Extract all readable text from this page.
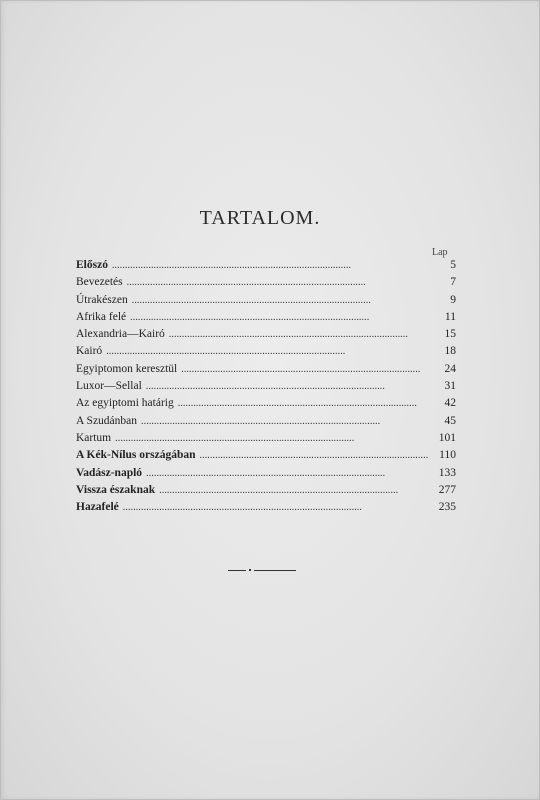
TARTALOM.
Lap
Előszó . . .	5
Bevezetés . . .	7
Útrakészen . . .	9
Afrika felé . . .	11
Alexandria—Kairó . . .	15
Kairó . . .	18
Egyiptomon keresztül . . .	24
Luxor—Sellal . . .	31
Az egyiptomi határig . . .	42
A Szudánban . . .	45
Kartum . . .	101
A Kék-Nílus országában . . .	110
Vadász-napló . . .	133
Vissza északnak . . .	277
Hazafelé . . .	235
